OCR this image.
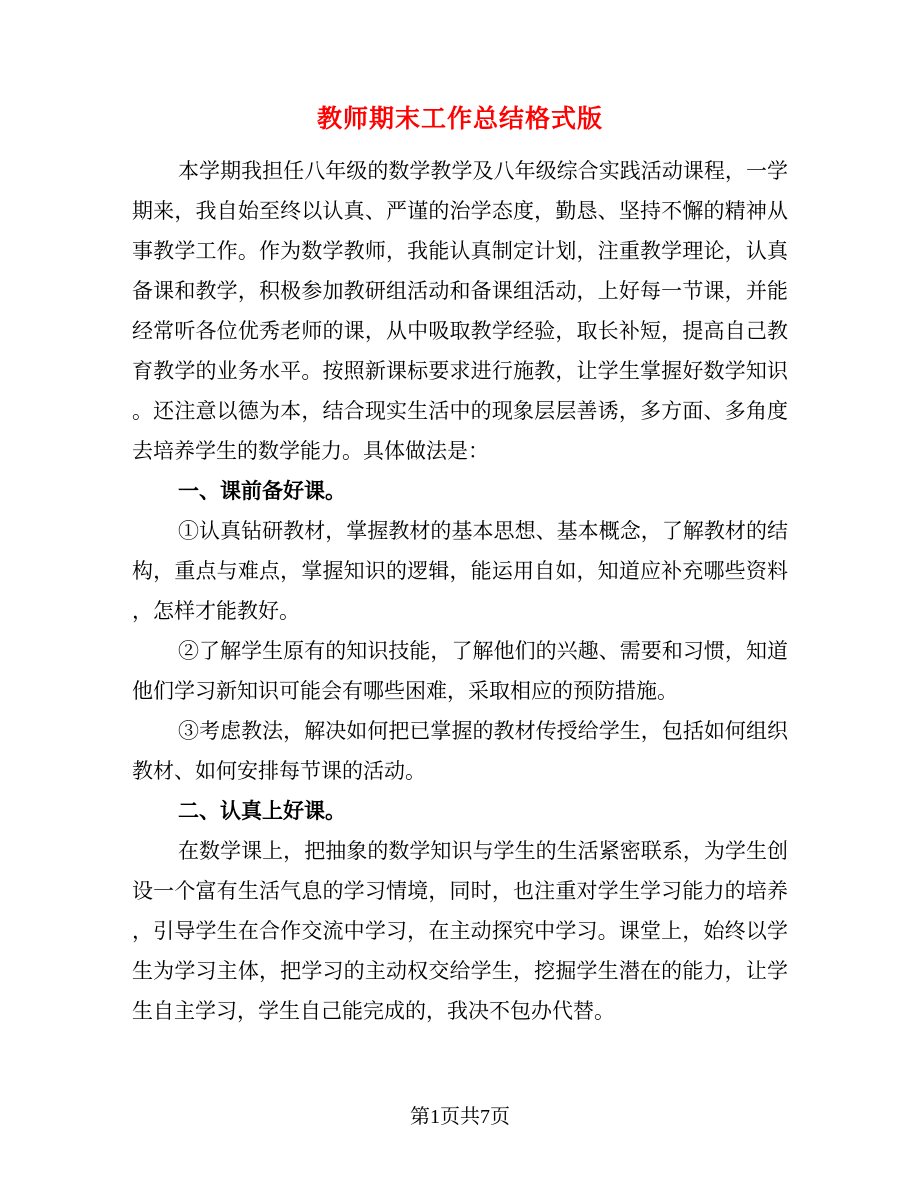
教师期末工作总结格式版

本学期我担任八年级的数学教学及八年级综合实践活动课程，一学期来，我自始至终以认真、严谨的治学态度，勤恳、坚持不懈的精神从事教学工作。作为数学教师，我能认真制定计划，注重教学理论，认真备课和教学，积极参加教研组活动和备课组活动，上好每一节课，并能经常听各位优秀老师的课，从中吸取教学经验，取长补短，提高自己教育教学的业务水平。按照新课标要求进行施教，让学生掌握好数学知识。还注意以德为本，结合现实生活中的现象层层善诱，多方面、多角度去培养学生的数学能力。具体做法是：

一、课前备好课。

①认真钻研教材，掌握教材的基本思想、基本概念，了解教材的结构，重点与难点，掌握知识的逻辑，能运用自如，知道应补充哪些资料，怎样才能教好。

②了解学生原有的知识技能，了解他们的兴趣、需要和习惯，知道他们学习新知识可能会有哪些困难，采取相应的预防措施。

③考虑教法，解决如何把已掌握的教材传授给学生，包括如何组织教材、如何安排每节课的活动。

二、认真上好课。

在数学课上，把抽象的数学知识与学生的生活紧密联系，为学生创设一个富有生活气息的学习情境，同时，也注重对学生学习能力的培养，引导学生在合作交流中学习，在主动探究中学习。课堂上，始终以学生为学习主体，把学习的主动权交给学生，挖掘学生潜在的能力，让学生自主学习，学生自己能完成的，我决不包办代替。

第1页共7页
